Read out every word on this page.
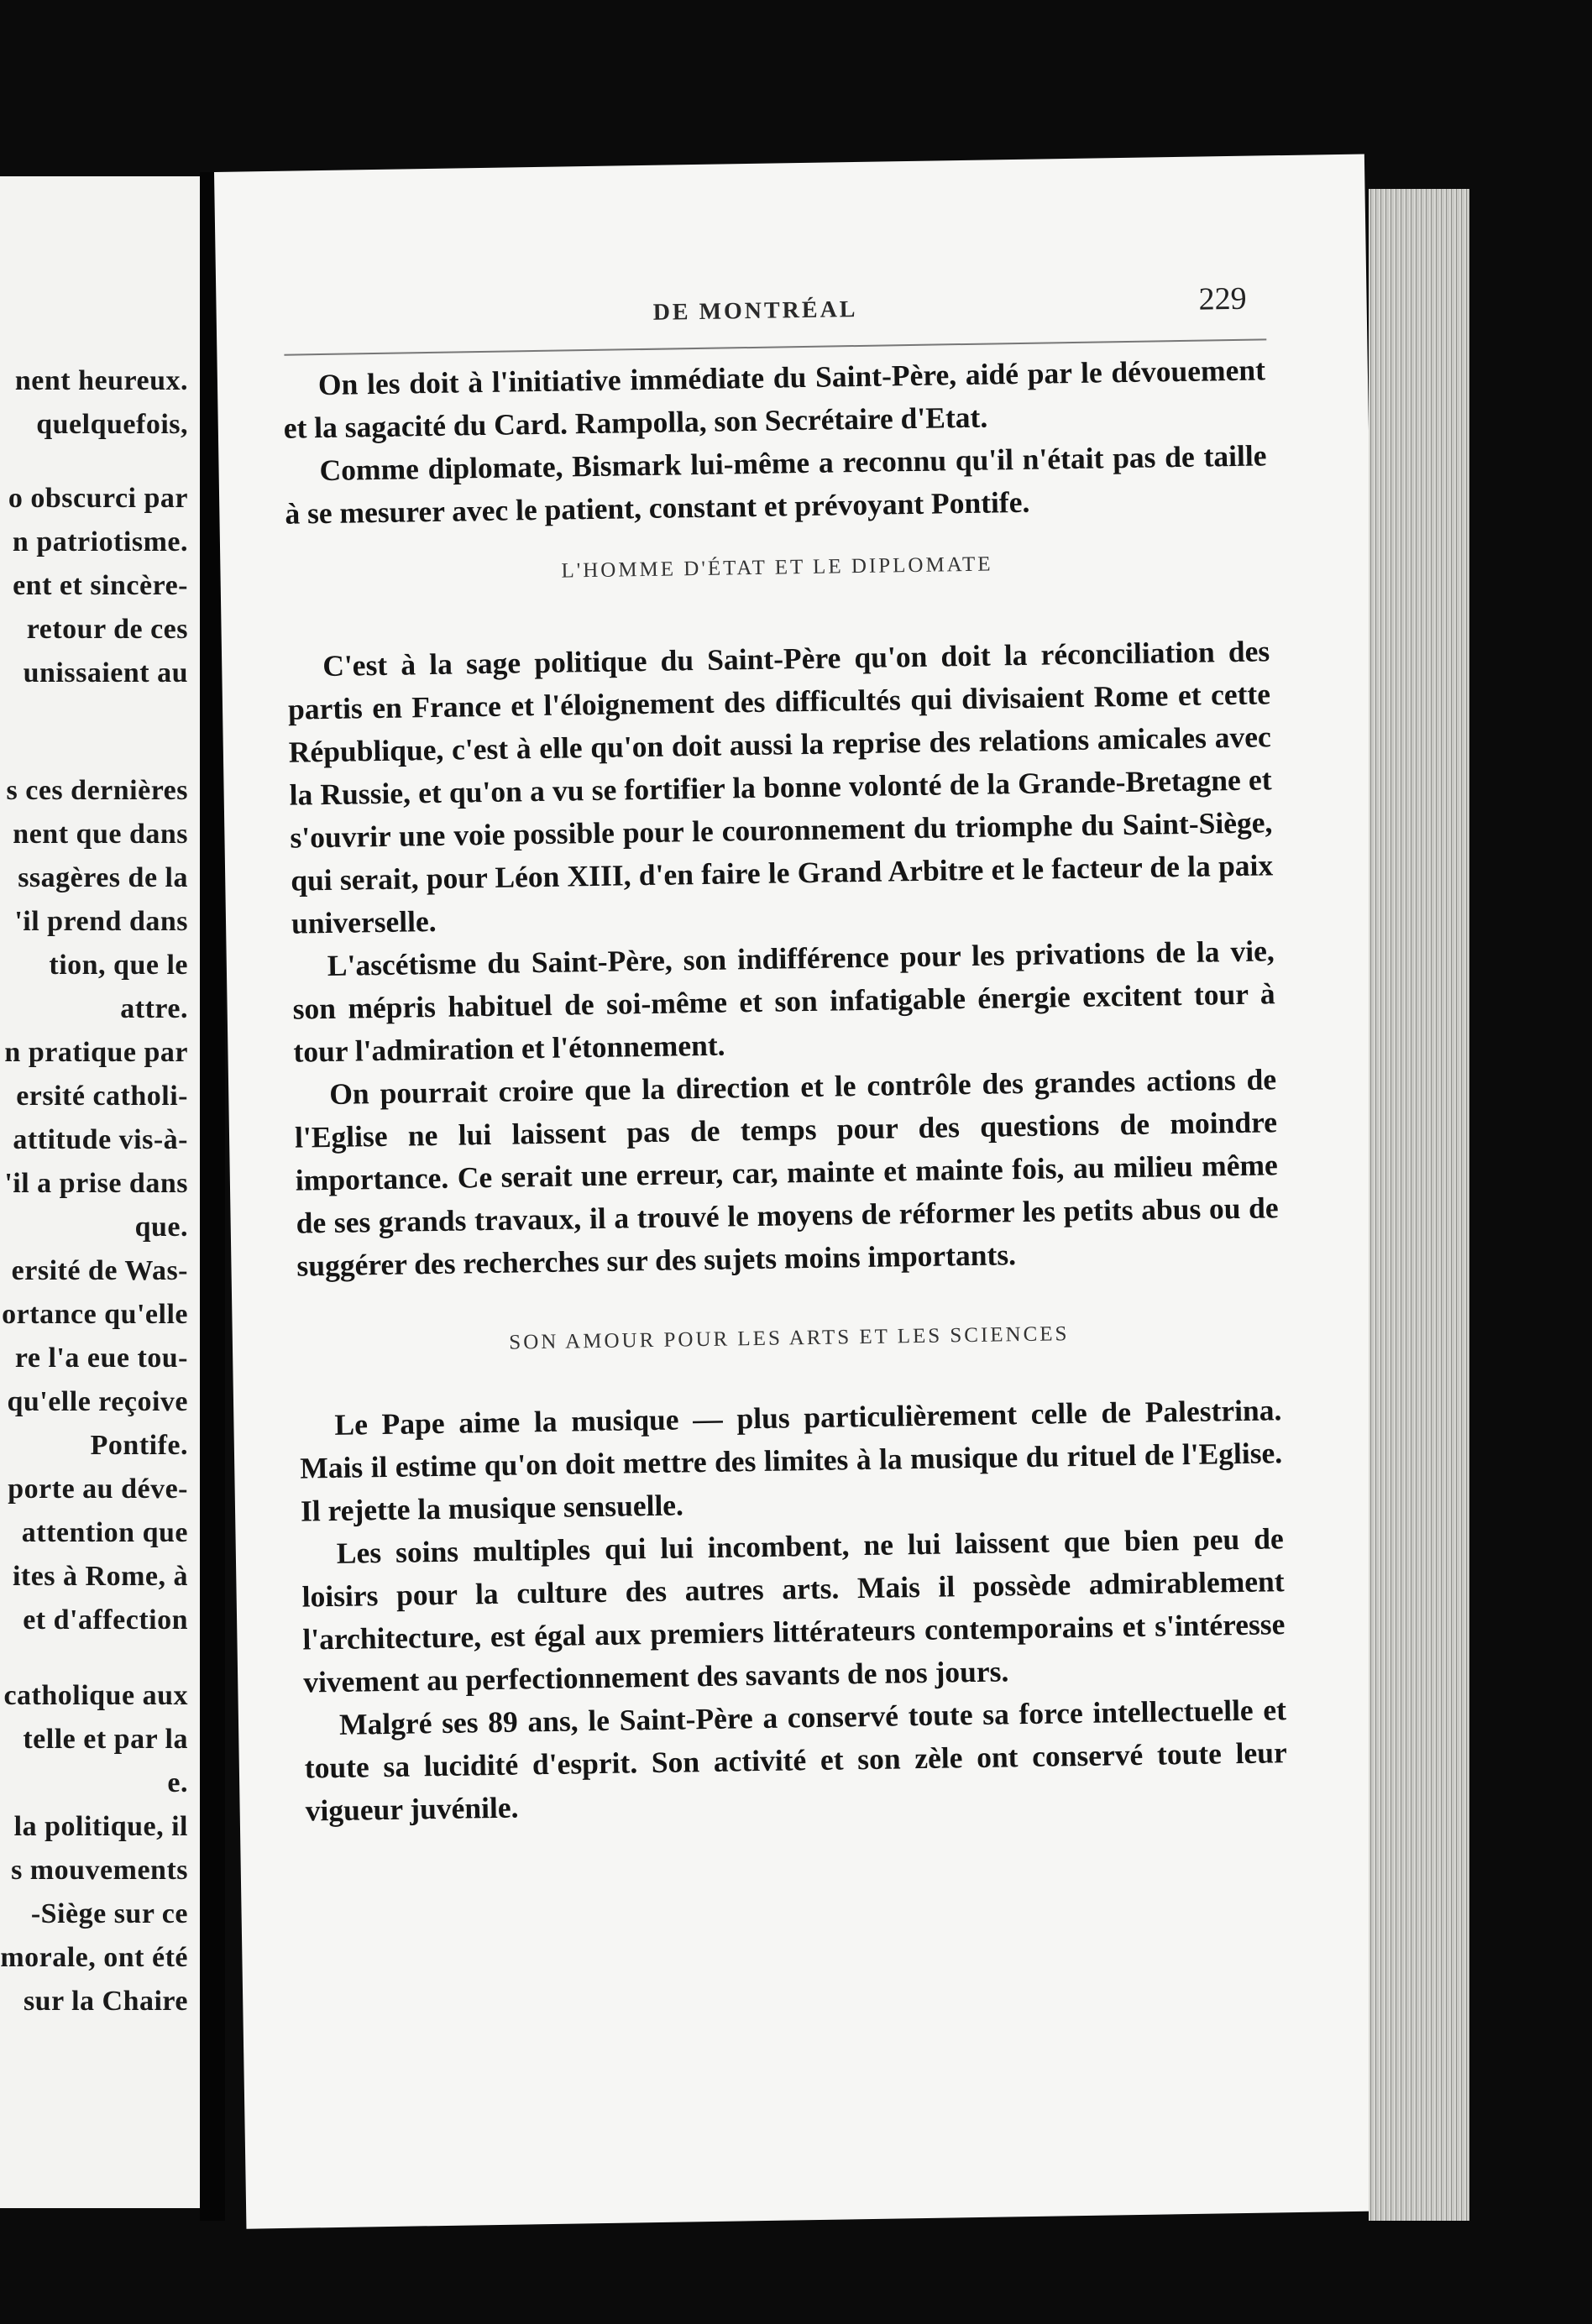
nent heureux.
quelquefois,
o obscurci par
n patriotisme.
ent et sincère-
retour de ces
unissaient au
s ces dernières
nent que dans
ssagères de la
'il prend dans
tion, que le
attre.
n pratique par
ersité catholi-
attitude vis-à-
'il a prise dans
que.
ersité de Was-
ortance qu'elle
re l'a eue tou-
qu'elle reçoive
Pontife.
porte au déve-
attention que
ites à Rome, à
et d'affection
catholique aux
telle et par la
e.
la politique, il
s mouvements
-Siège sur ce
morale, ont été
sur la Chaire
DE MONTRÉAL	229

On les doit à l'initiative immédiate du Saint-Père, aidé par le dévouement et la sagacité du Card. Rampolla, son Secrétaire d'Etat.

Comme diplomate, Bismark lui-même a reconnu qu'il n'était pas de taille à se mesurer avec le patient, constant et prévoyant Pontife.

L'HOMME D'ÉTAT ET LE DIPLOMATE

C'est à la sage politique du Saint-Père qu'on doit la réconciliation des partis en France et l'éloignement des difficultés qui divisaient Rome et cette République, c'est à elle qu'on doit aussi la reprise des relations amicales avec la Russie, et qu'on a vu se fortifier la bonne volonté de la Grande-Bretagne et s'ouvrir une voie possible pour le couronnement du triomphe du Saint-Siège, qui serait, pour Léon XIII, d'en faire le Grand Arbitre et le facteur de la paix universelle.

L'ascétisme du Saint-Père, son indifférence pour les privations de la vie, son mépris habituel de soi-même et son infatigable énergie excitent tour à tour l'admiration et l'étonnement.

On pourrait croire que la direction et le contrôle des grandes actions de l'Eglise ne lui laissent pas de temps pour des questions de moindre importance. Ce serait une erreur, car, mainte et mainte fois, au milieu même de ses grands travaux, il a trouvé le moyens de réformer les petits abus ou de suggérer des recherches sur des sujets moins importants.

SON AMOUR POUR LES ARTS ET LES SCIENCES

Le Pape aime la musique — plus particulièrement celle de Palestrina. Mais il estime qu'on doit mettre des limites à la musique du rituel de l'Eglise. Il rejette la musique sensuelle.

Les soins multiples qui lui incombent, ne lui laissent que bien peu de loisirs pour la culture des autres arts. Mais il possède admirablement l'architecture, est égal aux premiers littérateurs contemporains et s'intéresse vivement au perfectionnement des savants de nos jours.

Malgré ses 89 ans, le Saint-Père a conservé toute sa force intellectuelle et toute sa lucidité d'esprit. Son activité et son zèle ont conservé toute leur vigueur juvénile.
